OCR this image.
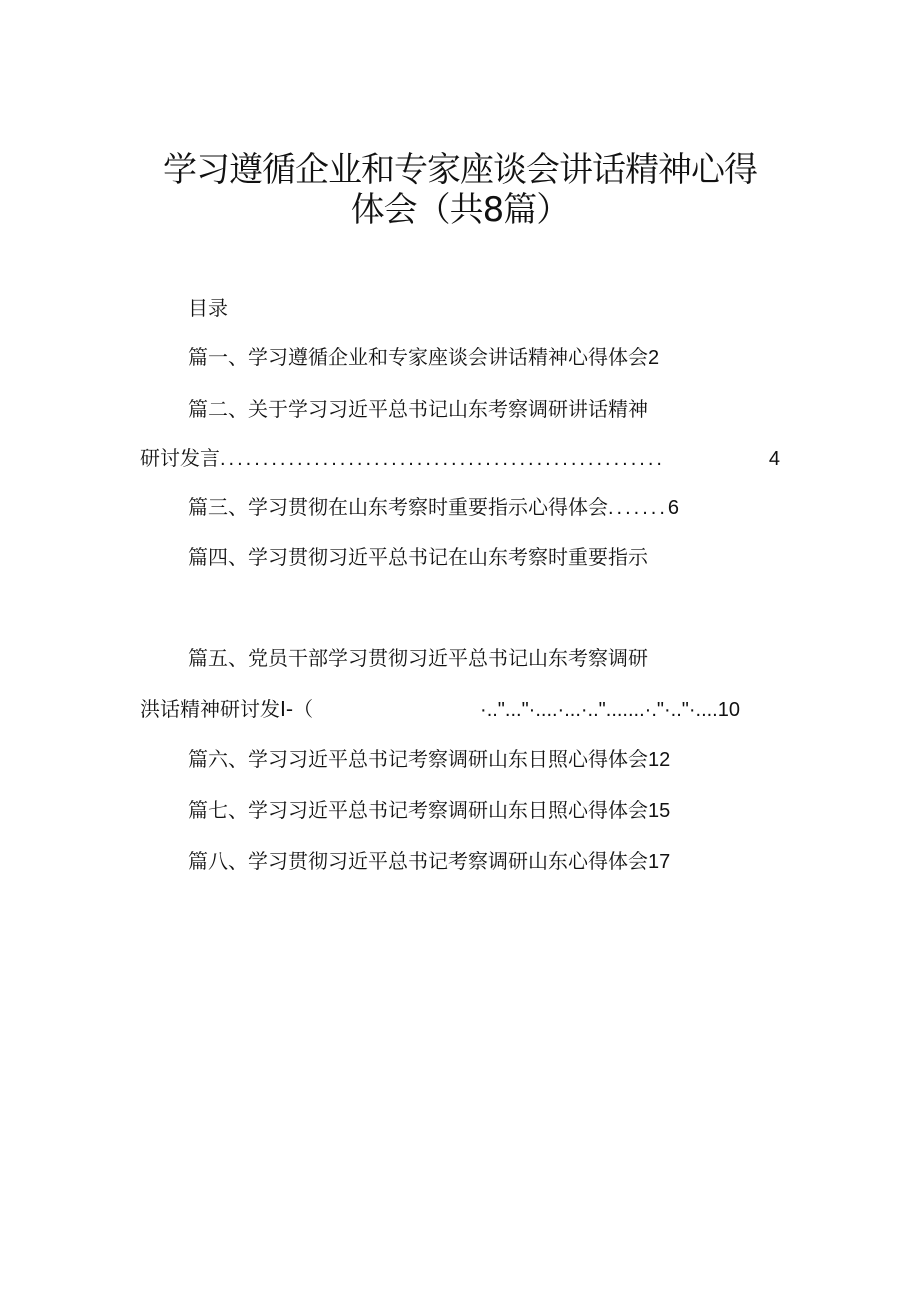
学习遵循企业和专家座谈会讲话精神心得
体会（共8篇）
目录
篇一、学习遵循企业和专家座谈会讲话精神心得体会2
篇二、关于学习习近平总书记山东考察调研讲话精神
研讨发言 ....................................................	4
篇三、学习贯彻在山东考察时重要指示心得体会.......6
篇四、学习贯彻习近平总书记在山东考察时重要指示
篇五、党员干部学习贯彻习近平总书记山东考察调研
洪话精神研讨发I-（	·.."..."·....·...·..".......·."·.."·.... 10
篇六、学习习近平总书记考察调研山东日照心得体会12
篇七、学习习近平总书记考察调研山东日照心得体会15
篇八、学习贯彻习近平总书记考察调研山东心得体会17
